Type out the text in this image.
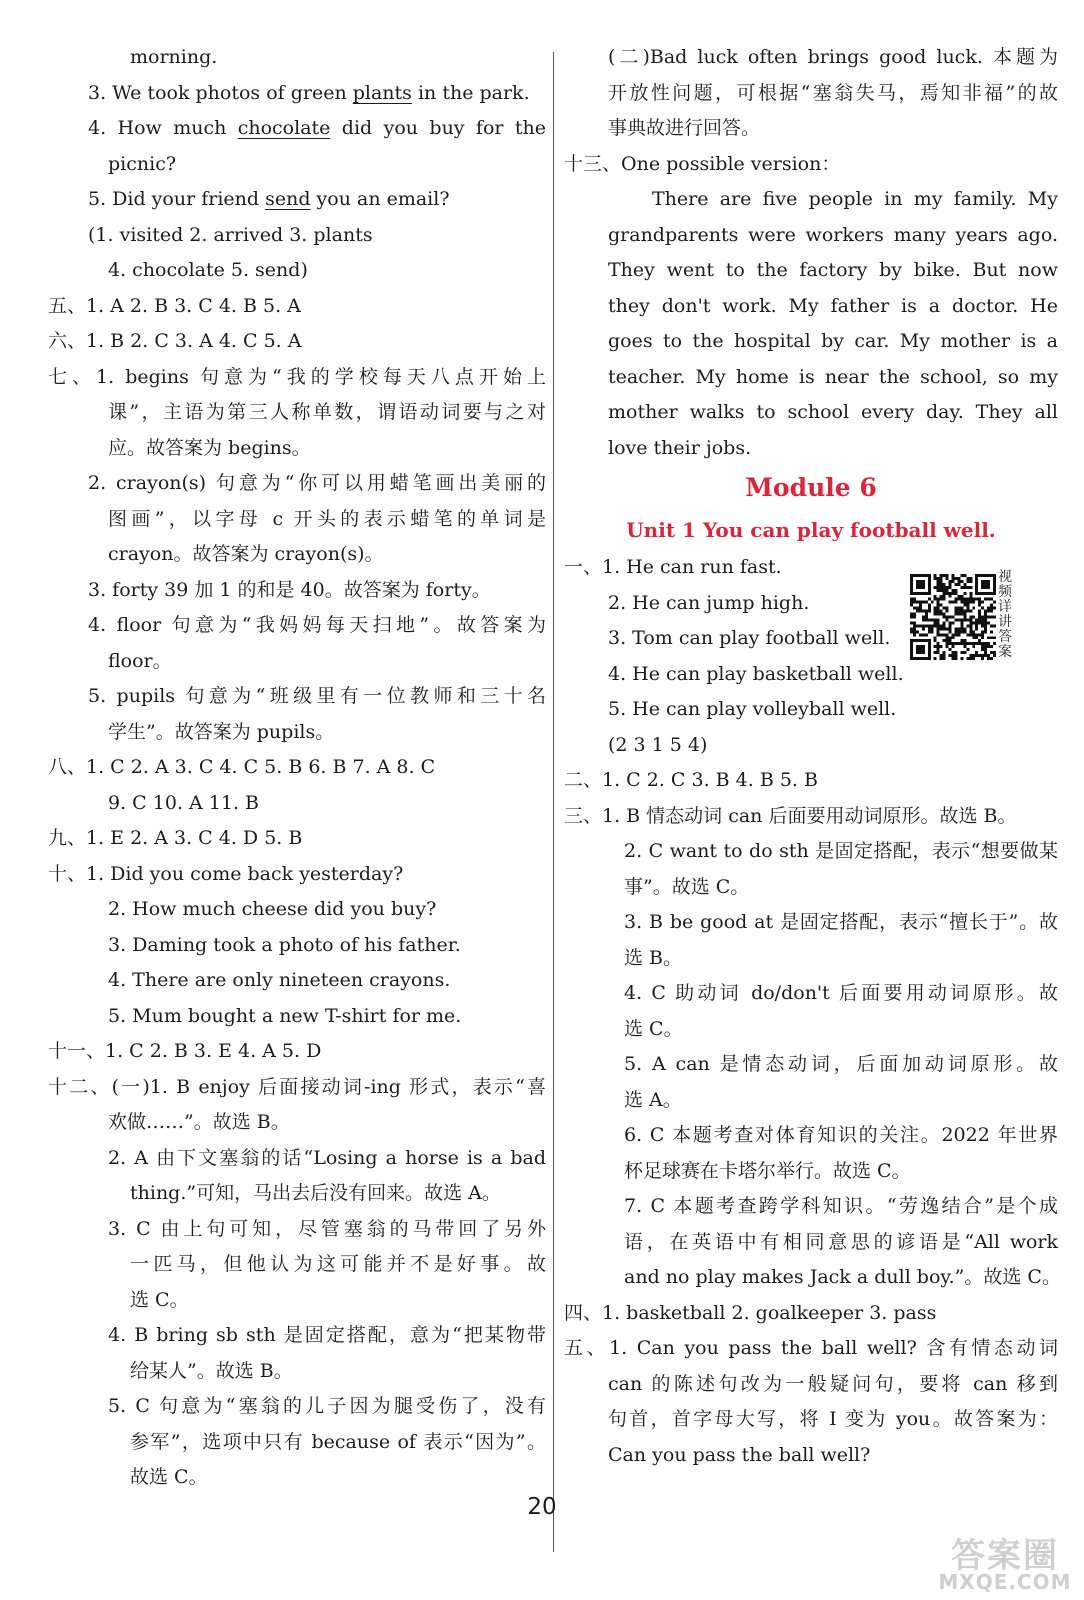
morning.
3. We took photos of green plants in the park.
4. How much chocolate did you buy for the
picnic?
5. Did your friend send you an email?
(1. visited 2. arrived 3. plants
4. chocolate 5. send)
五、1. A 2. B 3. C 4. B 5. A
六、1. B 2. C 3. A 4. C 5. A
七、1. begins 句意为“我的学校每天八点开始上
课”，主语为第三人称单数，谓语动词要与之对
应。故答案为 begins。
2. crayon(s) 句意为“你可以用蜡笔画出美丽的
图画”，以字母 c 开头的表示蜡笔的单词是
crayon。故答案为 crayon(s)。
3. forty 39 加 1 的和是 40。故答案为 forty。
4. floor 句意为“我妈妈每天扫地”。故答案为
floor。
5. pupils 句意为“班级里有一位教师和三十名
学生”。故答案为 pupils。
八、1. C 2. A 3. C 4. C 5. B 6. B 7. A 8. C
9. C 10. A 11. B
九、1. E 2. A 3. C 4. D 5. B
十、1. Did you come back yesterday?
2. How much cheese did you buy?
3. Daming took a photo of his father.
4. There are only nineteen crayons.
5. Mum bought a new T-shirt for me.
十一、1. C 2. B 3. E 4. A 5. D
十二、(一)1. B enjoy 后面接动词-ing 形式，表示“喜
欢做……”。故选 B。
2. A 由下文塞翁的话“Losing a horse is a bad
thing.”可知，马出去后没有回来。故选 A。
3. C 由上句可知，尽管塞翁的马带回了另外
一匹马，但他认为这可能并不是好事。故
选 C。
4. B bring sb sth 是固定搭配，意为“把某物带
给某人”。故选 B。
5. C 句意为“塞翁的儿子因为腿受伤了，没有
参军”，选项中只有 because of 表示“因为”。
故选 C。
(二)Bad luck often brings good luck. 本题为
开放性问题，可根据“塞翁失马，焉知非福”的故
事典故进行回答。
十三、One possible version：
There are five people in my family. My
grandparents were workers many years ago.
They went to the factory by bike. But now
they don't work. My father is a doctor. He
goes to the hospital by car. My mother is a
teacher. My home is near the school, so my
mother walks to school every day. They all
love their jobs.
Module 6
Unit 1 You can play football well.
一、1. He can run fast.
2. He can jump high.
3. Tom can play football well.
4. He can play basketball well.
5. He can play volleyball well.
(2 3 1 5 4)
二、1. C 2. C 3. B 4. B 5. B
三、1. B 情态动词 can 后面要用动词原形。故选 B。
2. C want to do sth 是固定搭配，表示“想要做某
事”。故选 C。
3. B be good at 是固定搭配，表示“擅长于”。故
选 B。
4. C 助动词 do/don't 后面要用动词原形。故
选 C。
5. A can 是情态动词，后面加动词原形。故
选 A。
6. C 本题考查对体育知识的关注。2022 年世界
杯足球赛在卡塔尔举行。故选 C。
7. C 本题考查跨学科知识。“劳逸结合”是个成
语，在英语中有相同意思的谚语是“All work
and no play makes Jack a dull boy.”。故选 C。
四、1. basketball 2. goalkeeper 3. pass
五、1. Can you pass the ball well? 含有情态动词
can 的陈述句改为一般疑问句，要将 can 移到
句首，首字母大写，将 I 变为 you。故答案为：
Can you pass the ball well?
视频详讲答案
20
答案圈
MXQE.COM
